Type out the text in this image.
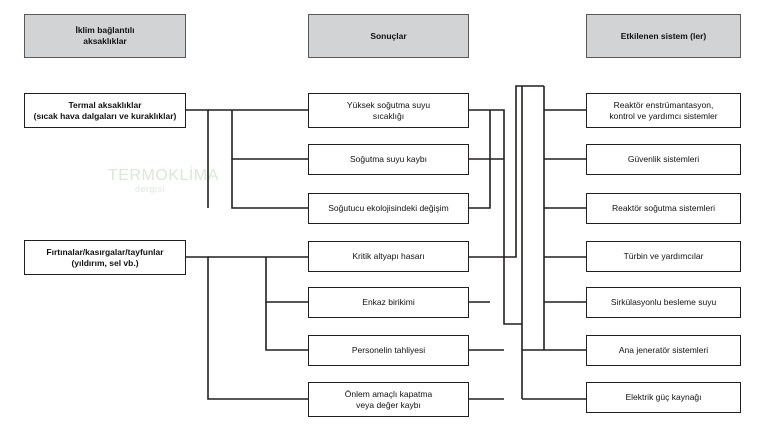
TERMOKLİMA
dergisi
İklim bağlantılı
aksaklıklar
Sonuçlar	Etkilenen sistem (ler)
Termal aksaklıklar
(sıcak hava dalgaları ve kuraklıklar)
Fırtınalar/kasırgalar/tayfunlar
(yıldırım, sel vb.)
Yüksek soğutma suyu
sıcaklığı
Soğutma suyu kaybı
Soğutucu ekolojisindeki değişim
Kritik altyapı hasarı
Enkaz birikimi
Personelin tahliyesi
Önlem amaçlı kapatma
veya değer kaybı
Reaktör enstrümantasyon,
kontrol ve yardımcı sistemler
Güvenlik sistemleri
Reaktör soğutma sistemleri
Türbin ve yardımcılar
Sirkülasyonlu besleme suyu
Ana jeneratör sistemleri
Elektrik güç kaynağı
